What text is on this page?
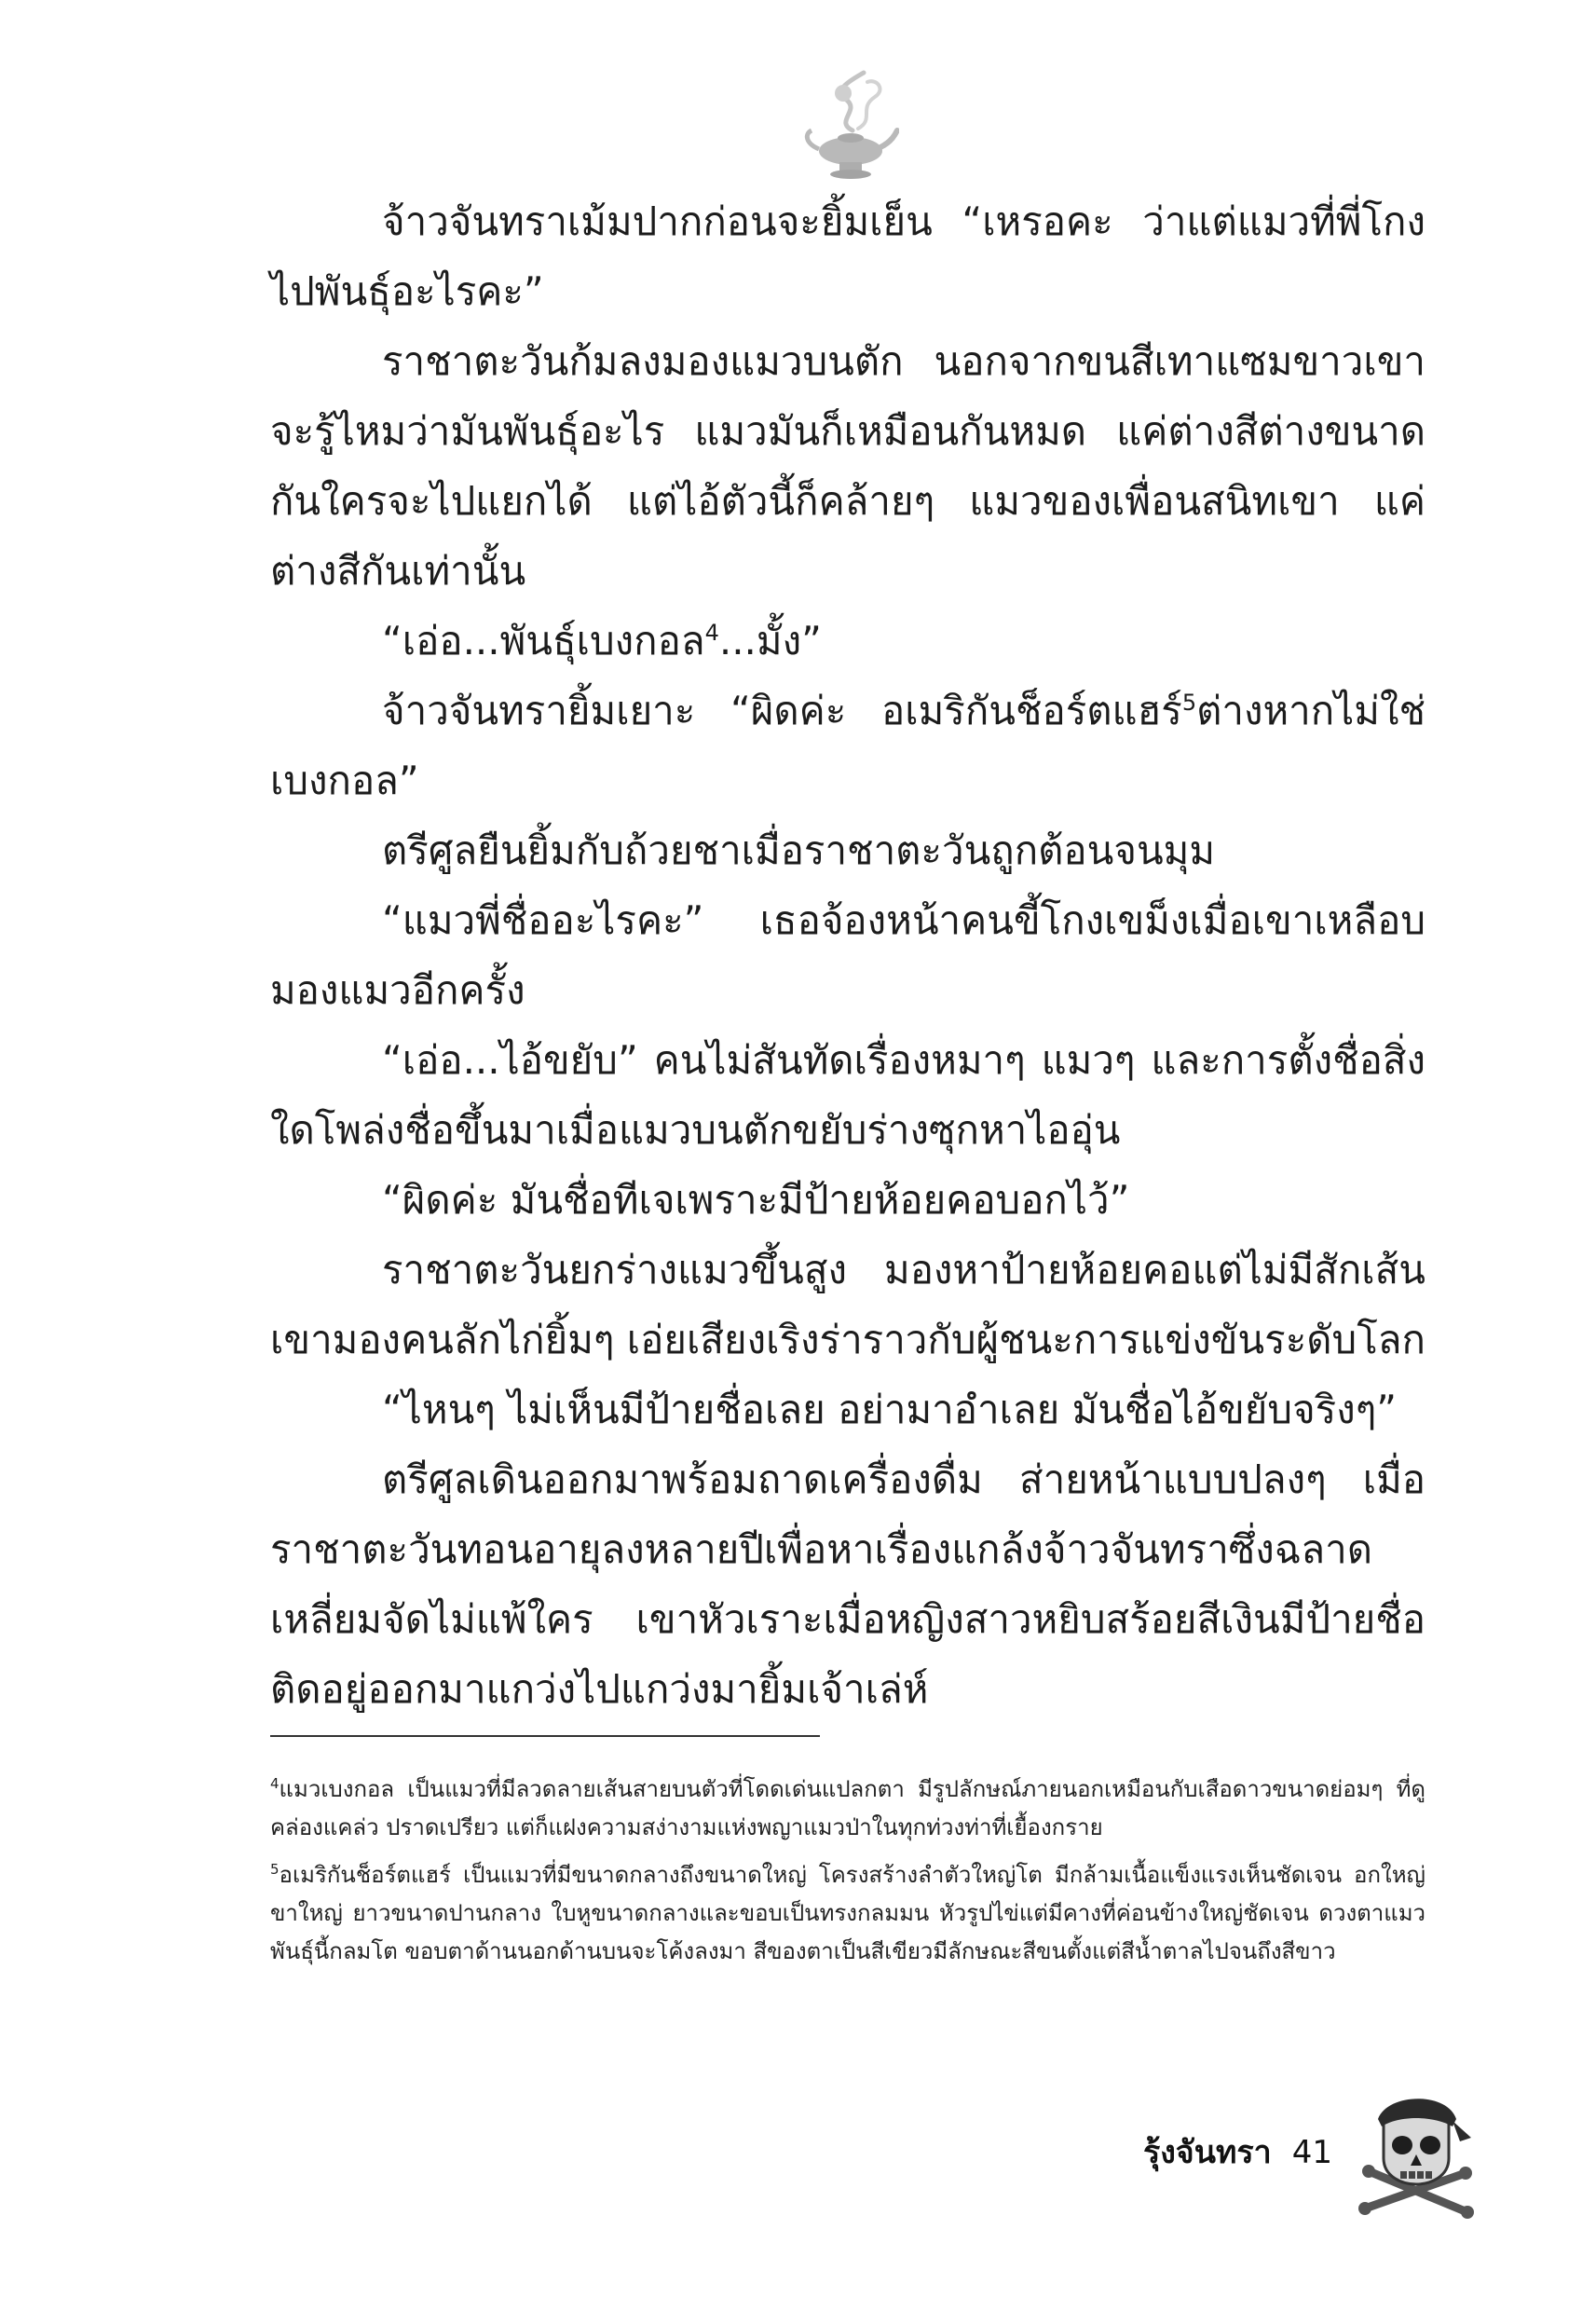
จ้าวจันทราเม้มปากก่อนจะยิ้มเย็น “เหรอคะ ว่าแต่แมวที่พี่โกงไปพันธุ์อะไรคะ”

ราชาตะวันก้มลงมองแมวบนตัก นอกจากขนสีเทาแซมขาวเขาจะรู้ไหมว่ามันพันธุ์อะไร แมวมันก็เหมือนกันหมด แค่ต่างสีต่างขนาดกันใครจะไปแยกได้ แต่ไอ้ตัวนี้ก็คล้ายๆ แมวของเพื่อนสนิทเขา แค่ต่างสีกันเท่านั้น

“เอ่อ...พันธุ์เบงกอล$^4$...มั้ง”

จ้าวจันทรายิ้มเยาะ “ผิดค่ะ อเมริกันช็อร์ตแฮร์$^5$ต่างหากไม่ใช่เบงกอล”

ตรีศูลยืนยิ้มกับถ้วยชาเมื่อราชาตะวันถูกต้อนจนมุม

“แมวพี่ชื่ออะไรคะ” เธอจ้องหน้าคนขี้โกงเขม็งเมื่อเขาเหลือบมองแมวอีกครั้ง

“เอ่อ...ไอ้ขยับ” คนไม่สันทัดเรื่องหมาๆ แมวๆ และการตั้งชื่อสิ่งใดโพล่งชื่อขึ้นมาเมื่อแมวบนตักขยับร่างซุกหาไออุ่น

“ผิดค่ะ มันชื่อทีเจเพราะมีป้ายห้อยคอบอกไว้”

ราชาตะวันยกร่างแมวขึ้นสูง มองหาป้ายห้อยคอแต่ไม่มีสักเส้น เขามองคนลักไก่ยิ้มๆ เอ่ยเสียงเริงร่าราวกับผู้ชนะการแข่งขันระดับโลก

“ไหนๆ ไม่เห็นมีป้ายชื่อเลย อย่ามาอำเลย มันชื่อไอ้ขยับจริงๆ”

ตรีศูลเดินออกมาพร้อมถาดเครื่องดื่ม ส่ายหน้าแบบปลงๆ เมื่อราชาตะวันทอนอายุลงหลายปีเพื่อหาเรื่องแกล้งจ้าวจันทราซึ่งฉลาดเหลี่ยมจัดไม่แพ้ใคร เขาหัวเราะเมื่อหญิงสาวหยิบสร้อยสีเงินมีป้ายชื่อติดอยู่ออกมาแกว่งไปแกว่งมายิ้มเจ้าเล่ห์

$^4$แมวเบงกอล เป็นแมวที่มีลวดลายเส้นสายบนตัวที่โดดเด่นแปลกตา มีรูปลักษณ์ภายนอกเหมือนกับเสือดาวขนาดย่อมๆ ที่ดูคล่องแคล่ว ปราดเปรียว แต่ก็แฝงความสง่างามแห่งพญาแมวป่าในทุกท่วงท่าที่เยื้องกราย

$^5$อเมริกันช็อร์ตแฮร์ เป็นแมวที่มีขนาดกลางถึงขนาดใหญ่ โครงสร้างลำตัวใหญ่โต มีกล้ามเนื้อแข็งแรงเห็นชัดเจน อกใหญ่ ขาใหญ่ ยาวขนาดปานกลาง ใบหูขนาดกลางและขอบเป็นทรงกลมมน หัวรูปไข่แต่มีคางที่ค่อนข้างใหญ่ชัดเจน ดวงตาแมวพันธุ์นี้กลมโต ขอบตาด้านนอกด้านบนจะโค้งลงมา สีของตาเป็นสีเขียวมีลักษณะสีขนตั้งแต่สีน้ำตาลไปจนถึงสีขาว

รุ้งจันทรา 41
